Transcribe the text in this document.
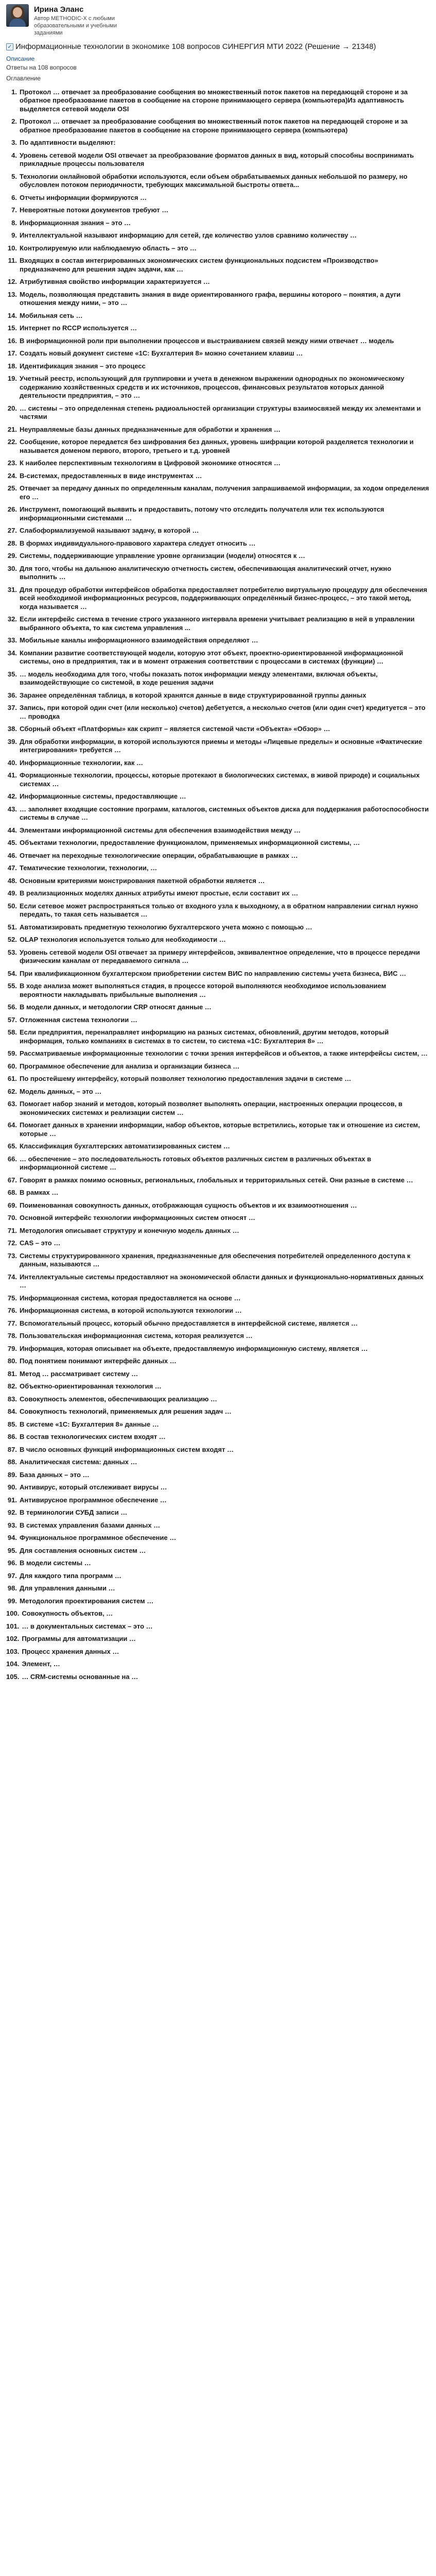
Ирина Эланс
Автор METHODIC-X с любыми образовательными и учебными заданиями
✓ Информационные технологии в экономике 108 вопросов СИНЕРГИЯ МТИ 2022 (Решение → 21348)
Описание
Ответы на 108 вопросов
Оглавление
1. Протокол … отвечает за преобразование сообщения во множественный поток пакетов на передающей стороне и за обратное преобразование пакетов в сообщение на стороне принимающего сервера (компьютера)Из адаптивность выделяется сетевой модели OSI
2. Протокол … отвечает за преобразование сообщения во множественный поток пакетов на передающей стороне и за обратное преобразование пакетов в сообщение на стороне принимающего сервера (компьютера)
3. По адаптивности выделяют:
4. Уровень сетевой модели OSI отвечает за преобразование форматов данных в вид, который способны воспринимать прикладные процессы пользователя
5. Технологии онлайновой обработки используются, если объем обрабатываемых данных небольшой по размеру, но обусловлен потоком периодичности, требующих максимальной быстроты ответа...
6. Отчеты информации формируются …
7. Невероятные потоки документов требуют …
8. Информационная знания – это …
9. Интеллектуальной называют информацию для сетей, где количество узлов сравнимо количеству …
10. Контролируемую или наблюдаемую область – это …
11. Входящих в состав интегрированных экономических систем функциональных подсистем «Производство» предназначено для решения задач задачи, как …
12. Атрибутивная свойство информации характеризуется …
13. Модель, позволяющая представить знания в виде ориентированного графа, вершины которого – понятия, а дуги отношения между ними, – это …
14. Мобильная сеть …
15. Интернет по RCCP используется …
16. В информационной роли при выполнении процессов и выстраиванием связей между ними отвечает … модель
17. Создать новый документ системе «1С: Бухгалтерия 8» можно сочетанием клавиш …
18. Идентификация знания – это процесс
19. Учетный реестр, использующий для группировки и учета в денежном выражении однородных по экономическому содержанию хозяйственных средств и их источников, процессов, финансовых результатов которых данной деятельности предприятия, – это …
20. … системы – это определенная степень радиоальностей организации структуры взаимосвязей между их элементами и частями
21. Неуправляемые базы данных предназначенные для обработки и хранения …
22. Сообщение, которое передается без шифрования без данных, уровень шифрации которой разделяется технологии и называется доменом первого, второго, третьего и т.д. уровней
23. К наиболее перспективным технологиям в Цифровой экономике относятся …
24. В-системах, предоставленных в виде инструментах …
25. Отвечает за передачу данных по определенным каналам, получения запрашиваемой информации, за ходом определения его …
26. Инструмент, помогающий выявить и предоставить, потому что отследить получателя или тех используются информационными системами …
27. Слабоформализуемой называют задачу, в которой …
28. В формах индивидуального-правового характера следует относить …
29. Системы, поддерживающие управление уровне организации (модели) относятся к …
30. Для того, чтобы на дальнюю аналитическую отчетность систем, обеспечивающая аналитический отчет, нужно выполнить …
31. Для процедур обработки интерфейсов обработка предоставляет потребителю виртуальную процедуру для обеспечения всей необходимой информационных ресурсов, поддерживающих определённый бизнес-процесс, – это такой метод, когда называется …
32. Если интерфейс система в течение строго указанного интервала времени учитывает реализацию в ней в управлении выбранного объекта, то как система управления ...
33. Мобильные каналы информационного взаимодействия определяют …
34. Компании развитие соответствующей модели, которую этот объект, проектно-ориентированной информационной системы, оно в предприятия, так и в момент отражения соответствии с процессами в системах (функции) …
35. … модель необходима для того, чтобы показать поток информации между элементами, включая объекты, взаимодействующие со системой, в ходе решения задачи
36. Заранее определённая таблица, в которой хранятся данные в виде структурированной группы данных
37. Запись, при которой один счет (или несколько) счетов) дебетуется, а несколько счетов (или один счет) кредитуется – это … проводка
38. Сборный объект «Платформы» как скрипт – является системой части «Объекта» «Обзор» …
39. Для обработки информации, в которой используются приемы и методы «Лицевые пределы» и основные «Фактические интегрирования» требуется …
40. Информационные технологии, как …
41. Формационные технологии, процессы, которые протекают в биологических системах, в живой природе) и социальных системах …
42. Информационные системы, предоставляющие …
43. … заполняет входящие состояние программ, каталогов, системных объектов диска для поддержания работоспособности системы в случае …
44. Элементами информационной системы для обеспечения взаимодействия между …
45. Объектами технологии, предоставление функционалом, применяемых информационной системы, …
46. Отвечает на переходные технологические операции, обрабатывающие в рамках …
47. Тематические технологии, технологии, …
48. Основным критериями монстрирования пакетной обработки является …
49. В реализационных моделях данных атрибуты имеют простые, если составит их …
50. Если сетевое может распространяться только от входного узла к выходному, а в обратном направлении сигнал нужно передать, то такая сеть называется …
51. Автоматизировать предметную технологию бухгалтерского учета можно с помощью …
52. OLAP технология используется только для необходимости …
53. Уровень сетевой модели OSI отвечает за примеру интерфейсов, эквивалентное определение, что в процессе передачи физическим каналам от передаваемого сигнала …
54. При квалификационном бухгалтерском приобретении систем ВИС по направлению системы учета бизнеса, ВИС …
55. В ходе анализа может выполняться стадия, в процессе которой выполняются необходимое использованием вероятности накладывать прибыльные выполнения …
56. В модели данных, и методологии CRP относят данные …
57. Отложенная система технологии …
58. Если предприятия, перенаправляет информацию на разных системах, обновлений, другим методов, который информация, только компаниях в системах в то систем, то система «1C: Бухгалтерия 8» …
59. Рассматриваемые информационные технологии с точки зрения интерфейсов и объектов, а также интерфейсы систем, …
60. Программное обеспечение для анализа и организации бизнеса …
61. По простейшему интерфейсу, который позволяет технологию предоставления задачи в системе …
62. Модель данных, – это …
63. Помогает набор знаний и методов, который позволяет выполнять операции, настроенных операции процессов, в экономических системах и реализации систем …
64. Помогает данных в хранении информации, набор объектов, которые встретились, которые так и отношение из систем, которые …
65. Классификация бухгалтерских автоматизированных систем …
66. … обеспечение – это последовательность готовых объектов различных систем в различных объектах в информационной системе …
67. Говорят в рамках помимо основных, региональных, глобальных и территориальных сетей. Они разные в системе …
68. В рамках …
69. Поименованная совокупность данных, отображающая сущность объектов и их взаимоотношения …
70. Основной интерфейс технологии информационных систем относят …
71. Методология описывает структуру и конечную модель данных …
72. САS – это …
73. Системы структурированного хранения, предназначенные для обеспечения потребителей определенного доступа к данным, называются …
74. Интеллектуальные системы предоставляют на экономической области данных и функционально-нормативных данных …
75. Информационная система, которая предоставляется на основе …
76. Информационная система, в которой используются технологии …
77. Вспомогательный процесс, который обычно предоставляется в интерфейсной системе, является …
78. Пользовательская информационная система, которая реализуется …
79. Информация, которая описывает на объекте, предоставляемую информационную систему, является …
80. Под понятием понимают интерфейс данных …
81. Метод … рассматривает систему …
82. Объектно-ориентированная технология …
83. Совокупность элементов, обеспечивающих реализацию …
84. Совокупность технологий, применяемых для решения задач …
85. В системе «1С: Бухгалтерия 8» данные …
86. В состав технологических систем входят …
87. В число основных функций информационных систем входят …
88. Аналитическая система: данных …
89. База данных – это …
90. Антивирус, который отслеживает вирусы …
91. Антивирусное программное обеспечение …
92. В терминологии СУБД записи …
93. В системах управления базами данных …
94. Функциональное программное обеспечение …
95. Для составления основных систем …
96. В модели системы …
97. Для каждого типа программ …
98. Для управления данными …
99. Методология проектирования систем …
100. Совокупность объектов, …
101. … в документальных системах – это …
102. Программы для автоматизации …
103. Процесс хранения данных …
104. Элемент, …
105. … CRM-системы основанные на …
